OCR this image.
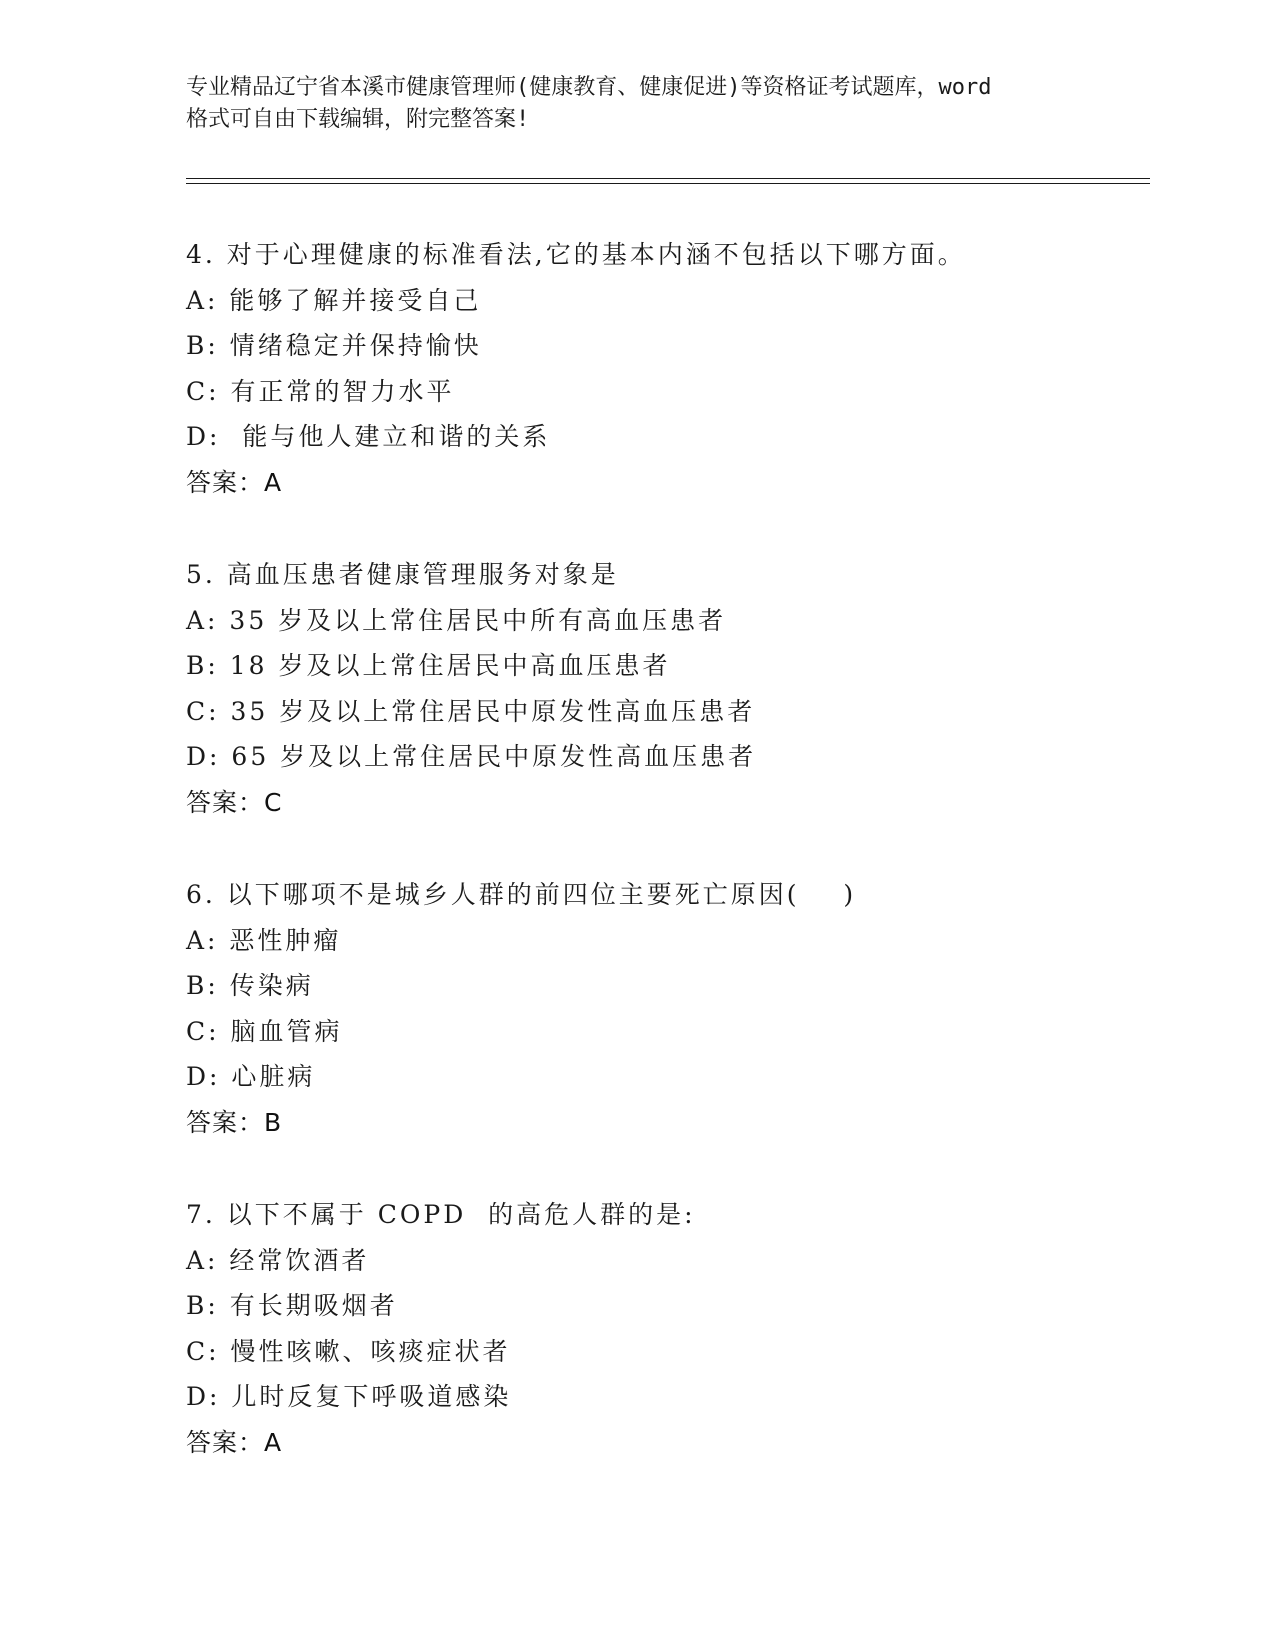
专业精品辽宁省本溪市健康管理师(健康教育、健康促进)等资格证考试题库，word
格式可自由下载编辑，附完整答案!
4. 对于心理健康的标准看法,它的基本内涵不包括以下哪方面。
A: 能够了解并接受自己
B: 情绪稳定并保持愉快
C: 有正常的智力水平
D:  能与他人建立和谐的关系
答案：A
5. 高血压患者健康管理服务对象是
A: 35 岁及以上常住居民中所有高血压患者
B: 18 岁及以上常住居民中高血压患者
C: 35 岁及以上常住居民中原发性高血压患者
D: 65 岁及以上常住居民中原发性高血压患者
答案：C
6. 以下哪项不是城乡人群的前四位主要死亡原因(    )
A: 恶性肿瘤
B: 传染病
C: 脑血管病
D: 心脏病
答案：B
7. 以下不属于 COPD  的高危人群的是:
A: 经常饮酒者
B: 有长期吸烟者
C: 慢性咳嗽、咳痰症状者
D: 儿时反复下呼吸道感染
答案：A
